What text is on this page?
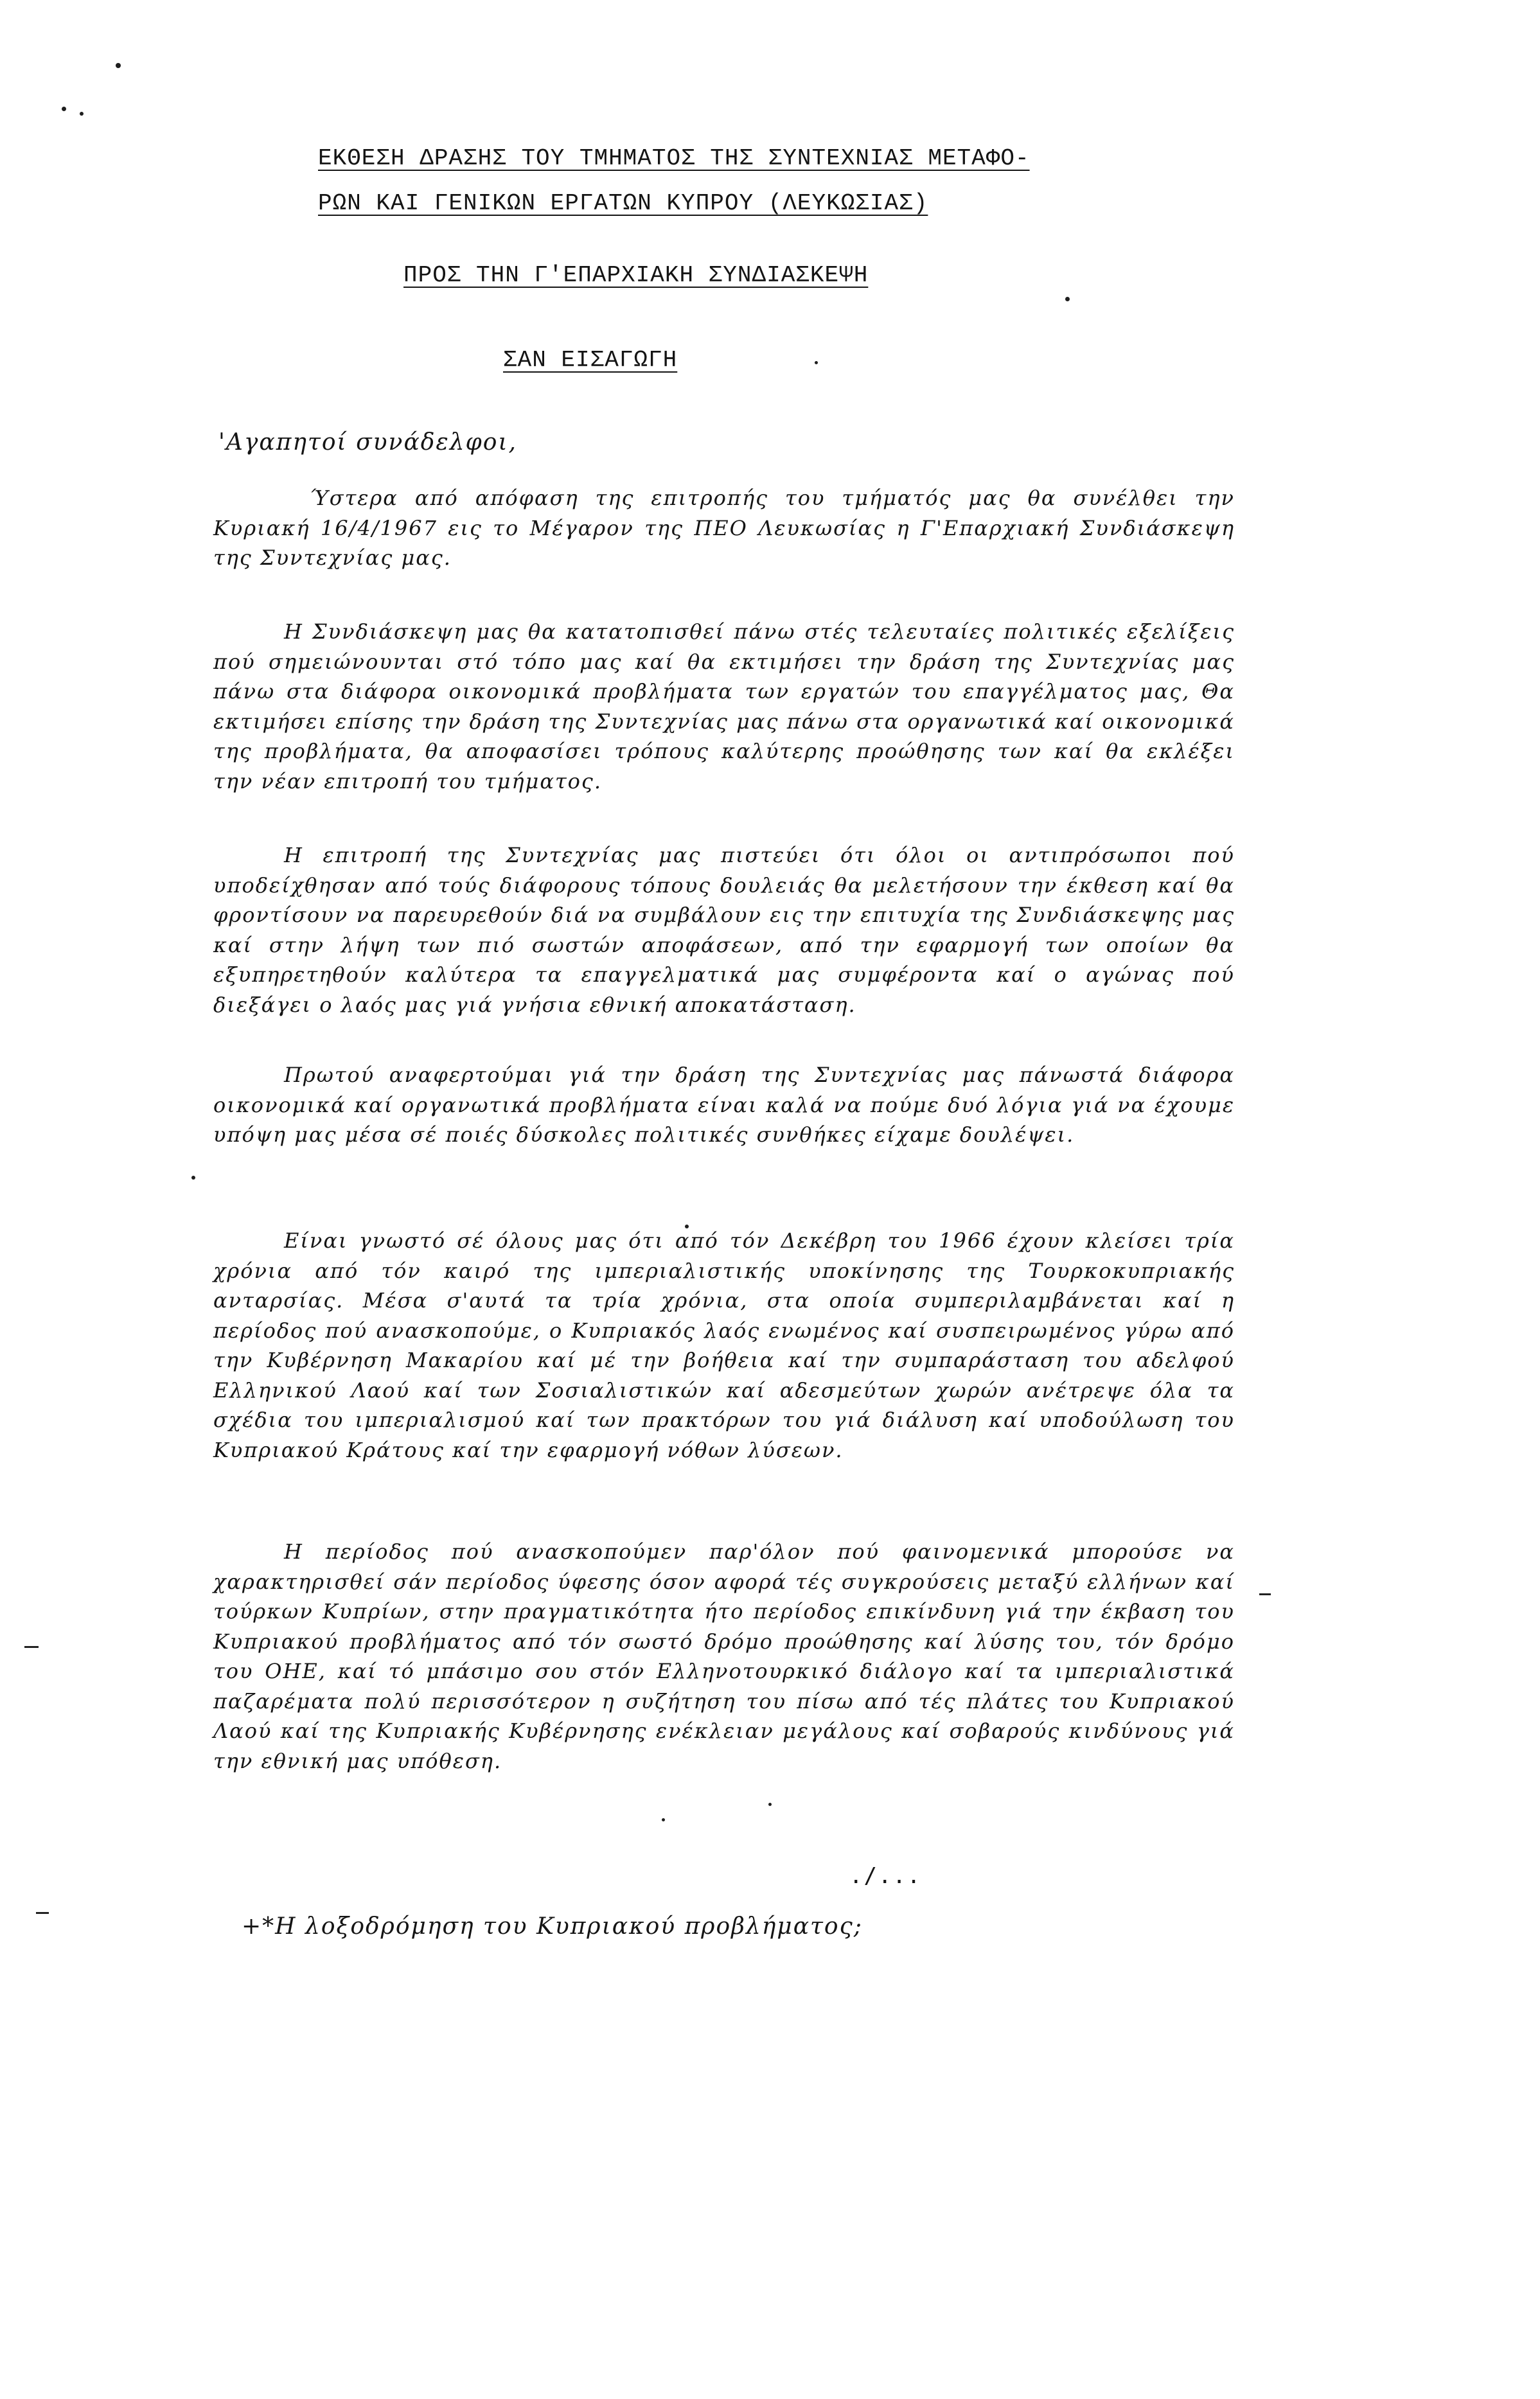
ΕΚΘΕΣΗ ΔΡΑΣΗΣ ΤΟΥ ΤΜΗΜΑΤΟΣ ΤΗΣ ΣΥΝΤΕΧΝΙΑΣ ΜΕΤΑΦΟ-
ΡΩΝ ΚΑΙ ΓΕΝΙΚΩΝ ΕΡΓΑΤΩΝ ΚΥΠΡΟΥ (ΛΕΥΚΩΣΙΑΣ)
ΠΡΟΣ ΤΗΝ Γ'ΕΠΑΡΧΙΑΚΗ ΣΥΝΔΙΑΣΚΕΨΗ
ΣΑΝ ΕΙΣΑΓΩΓΗ

'Αγαπητοί συνάδελφοι,

Ύστερα από απόφαση της επιτροπής του τμήματός μας θα συνέλθει την Κυριακή 16/4/1967 εις το Μέγαρον της ΠΕΟ Λευκωσίας η Γ'Επαρχιακή Συνδιάσκεψη της Συντεχνίας μας.

Η Συνδιάσκεψη μας θα κατατοπισθεί πάνω στές τελευταίες πολιτικές εξελίξεις πού σημειώνουνται στό τόπο μας καί θα εκτιμήσει την δράση της Συντεχνίας μας πάνω στα διάφορα οικονομικά προβλήματα των εργατών του επαγγέλματος μας, Θα εκτιμήσει επίσης την δράση της Συντεχνίας μας πάνω στα οργανωτικά καί οικονομικά της προβλήματα, θα αποφασίσει τρόπους καλύτερης προώθησης των καί θα εκλέξει την νέαν επιτροπή του τμήματος.

Η επιτροπή της Συντεχνίας μας πιστεύει ότι όλοι οι αντιπρόσωποι πού υποδείχθησαν από τούς διάφορους τόπους δουλειάς θα μελετήσουν την έκθεση καί θα φροντίσουν να παρευρεθούν διά να συμβάλουν εις την επιτυχία της Συνδιάσκεψης μας καί στην λήψη των πιό σωστών αποφάσεων, από την εφαρμογή των οποίων θα εξυπηρετηθούν καλύτερα τα επαγγελματικά μας συμφέροντα καί ο αγώνας πού διεξάγει ο λαός μας γιά γνήσια εθνική αποκατάσταση.

Πρωτού αναφερτούμαι γιά την δράση της Συντεχνίας μας πάνωστά διάφορα οικονομικά καί οργανωτικά προβλήματα είναι καλά να πούμε δυό λόγια γιά να έχουμε υπόψη μας μέσα σέ ποιές δύσκολες πολιτικές συνθήκες είχαμε δουλέψει.

Είναι γνωστό σέ όλους μας ότι από τόν Δεκέβρη του 1966 έχουν κλείσει τρία χρόνια από τόν καιρό της ιμπεριαλιστικής υποκίνησης της Τουρκοκυπριακής ανταρσίας. Μέσα σ'αυτά τα τρία χρόνια, στα οποία συμπεριλαμβάνεται καί η περίοδος πού ανασκοπούμε, ο Κυπριακός λαός ενωμένος καί συσπειρωμένος γύρω από την Κυβέρνηση Μακαρίου καί μέ την βοήθεια καί την συμπαράσταση του αδελφού Ελληνικού Λαού καί των Σοσιαλιστικών καί αδεσμεύτων χωρών ανέτρεψε όλα τα σχέδια του ιμπεριαλισμού καί των πρακτόρων του γιά διάλυση καί υποδούλωση του Κυπριακού Κράτους καί την εφαρμογή νόθων λύσεων.

Η περίοδος πού ανασκοπούμεν παρ'όλον πού φαινομενικά μπορούσε να χαρακτηρισθεί σάν περίοδος ύφεσης όσον αφορά τές συγκρούσεις μεταξύ ελλήνων καί τούρκων Κυπρίων, στην πραγματικότητα ήτο περίοδος επικίνδυνη γιά την έκβαση του Κυπριακού προβλήματος από τόν σωστό δρόμο προώθησης καί λύσης του, τόν δρόμο του ΟΗΕ, καί τό μπάσιμο σου στόν Ελληνοτουρκικό διάλογο καί τα ιμπεριαλιστικά παζαρέματα πολύ περισσότερον η συζήτηση του πίσω από τές πλάτες του Κυπριακού Λαού καί της Κυπριακής Κυβέρνησης ενέκλειαν μεγάλους καί σοβαρούς κινδύνους γιά την εθνική μας υπόθεση.

./...

+*Η λοξοδρόμηση του Κυπριακού προβλήματος;
